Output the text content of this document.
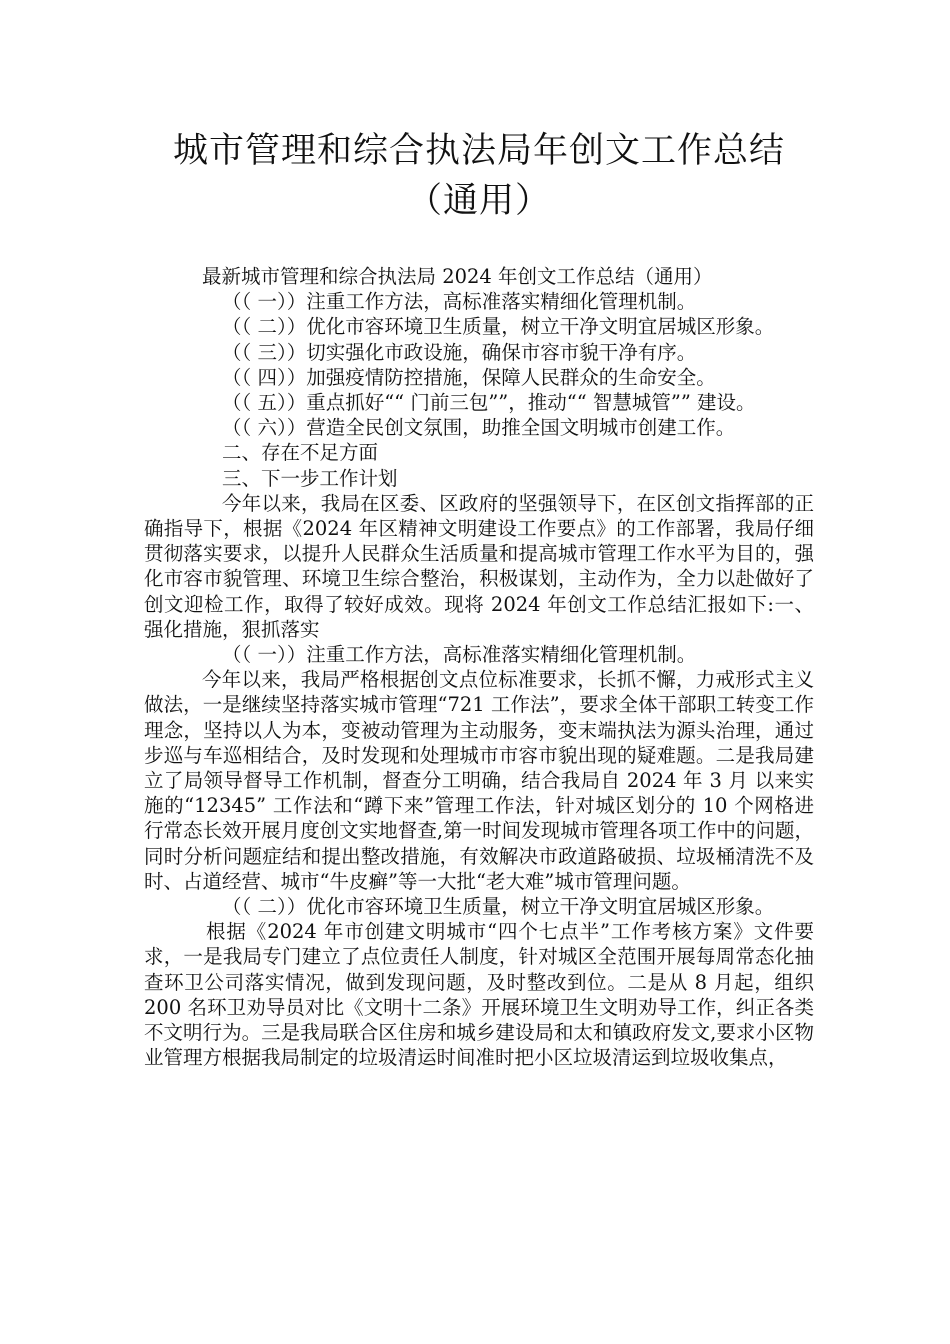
城市管理和综合执法局年创文工作总结
（通用）

最新城市管理和综合执法局 2024 年创文工作总结（通用）

（（ 一））注重工作方法，高标准落实精细化管理机制。

（（ 二））优化市容环境卫生质量，树立干净文明宜居城区形象。

（（ 三））切实强化市政设施，确保市容市貌干净有序。

（（ 四））加强疫情防控措施，保障人民群众的生命安全。

（（ 五））重点抓好““ 门前三包””，推动““ 智慧城管”” 建设。

（（ 六））营造全民创文氛围，助推全国文明城市创建工作。

二、存在不足方面

三、下一步工作计划

今年以来，我局在区委、区政府的坚强领导下，在区创文指挥部的正确指导下，根据《2024 年区精神文明建设工作要点》的工作部署，我局仔细贯彻落实要求，以提升人民群众生活质量和提高城市管理工作水平为目的，强化市容市貌管理、环境卫生综合整治，积极谋划，主动作为，全力以赴做好了创文迎检工作，取得了较好成效。现将 2024 年创文工作总结汇报如下:一、强化措施，狠抓落实

（（ 一））注重工作方法，高标准落实精细化管理机制。

今年以来，我局严格根据创文点位标准要求，长抓不懈，力戒形式主义 做法，一是继续坚持落实城市管理“721 工作法”，要求全体干部职工转变工作理念，坚持以人为本，变被动管理为主动服务，变末端执法为源头治理，通过步巡与车巡相结合，及时发现和处理城市市容市貌出现的疑难题。二是我局建立了局领导督导工作机制，督查分工明确，结合我局自 2024 年 3 月 以来实施的“12345” 工作法和“蹲下来”管理工作法，针对城区划分的 10 个网格进行常态长效开展月度创文实地督查,第一时间发现城市管理各项工作中的问题，同时分析问题症结和提出整改措施，有效解决市政道路破损、垃圾桶清洗不及时、占道经营、城市“牛皮癣”等一大批“老大难”城市管理问题。

（（ 二））优化市容环境卫生质量，树立干净文明宜居城区形象。

根据《2024 年市创建文明城市“四个七点半”工作考核方案》文件要求，一是我局专门建立了点位责任人制度，针对城区全范围开展每周常态化抽查环卫公司落实情况，做到发现问题，及时整改到位。二是从 8 月起，组织 200 名环卫劝导员对比《文明十二条》开展环境卫生文明劝导工作，纠正各类不文明行为。三是我局联合区住房和城乡建设局和太和镇政府发文,要求小区物业管理方根据我局制定的垃圾清运时间准时把小区垃圾清运到垃圾收集点，
